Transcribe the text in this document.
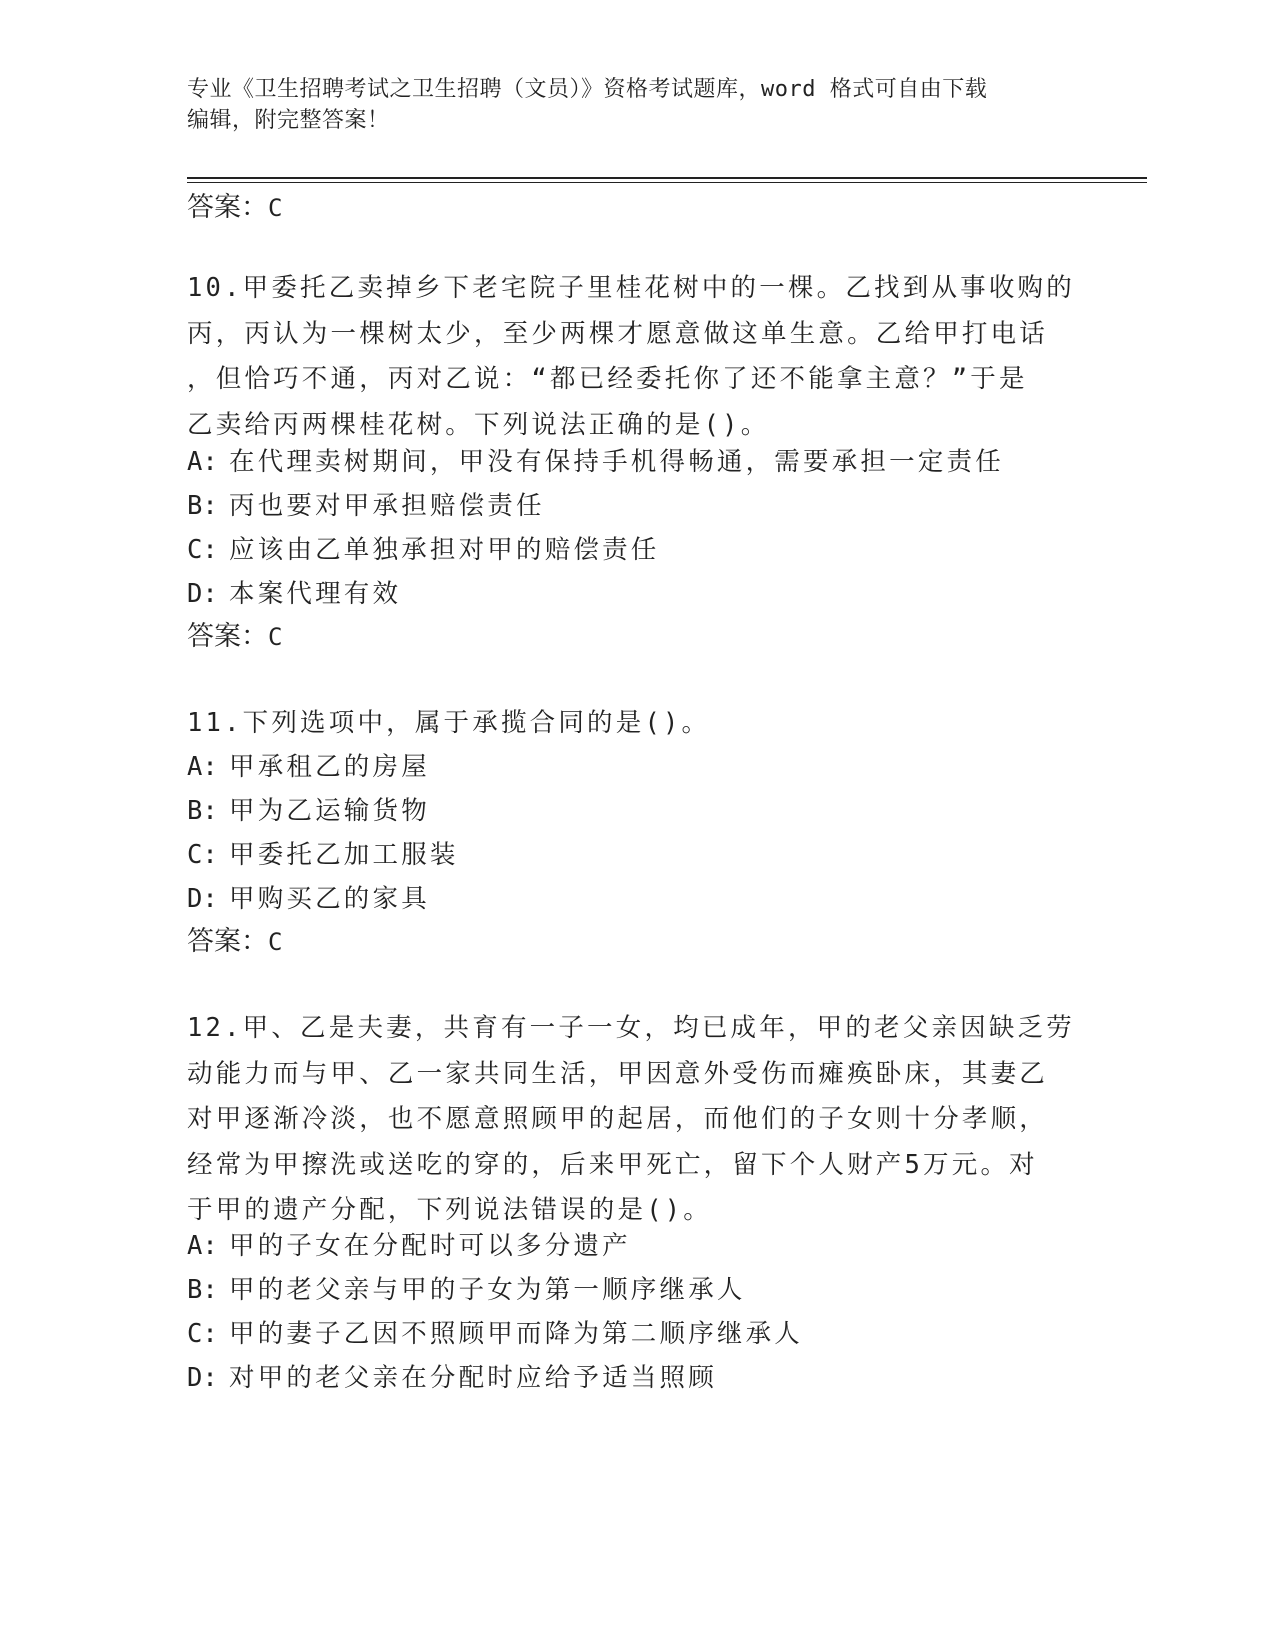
专业《卫生招聘考试之卫生招聘（文员）》资格考试题库，word 格式可自由下载
编辑，附完整答案！
答案：C
10.甲委托乙卖掉乡下老宅院子里桂花树中的一棵。乙找到从事收购的
丙，丙认为一棵树太少，至少两棵才愿意做这单生意。乙给甲打电话
，但恰巧不通，丙对乙说：“都已经委托你了还不能拿主意？”于是
乙卖给丙两棵桂花树。下列说法正确的是()。
A: 在代理卖树期间，甲没有保持手机得畅通，需要承担一定责任
B: 丙也要对甲承担赔偿责任
C: 应该由乙单独承担对甲的赔偿责任
D: 本案代理有效
答案：C
11.下列选项中，属于承揽合同的是()。
A: 甲承租乙的房屋
B: 甲为乙运输货物
C: 甲委托乙加工服装
D: 甲购买乙的家具
答案：C
12.甲、乙是夫妻，共育有一子一女，均已成年，甲的老父亲因缺乏劳
动能力而与甲、乙一家共同生活，甲因意外受伤而瘫痪卧床，其妻乙
对甲逐渐冷淡，也不愿意照顾甲的起居，而他们的子女则十分孝顺，
经常为甲擦洗或送吃的穿的，后来甲死亡，留下个人财产5万元。对
于甲的遗产分配，下列说法错误的是()。
A: 甲的子女在分配时可以多分遗产
B: 甲的老父亲与甲的子女为第一顺序继承人
C: 甲的妻子乙因不照顾甲而降为第二顺序继承人
D: 对甲的老父亲在分配时应给予适当照顾
